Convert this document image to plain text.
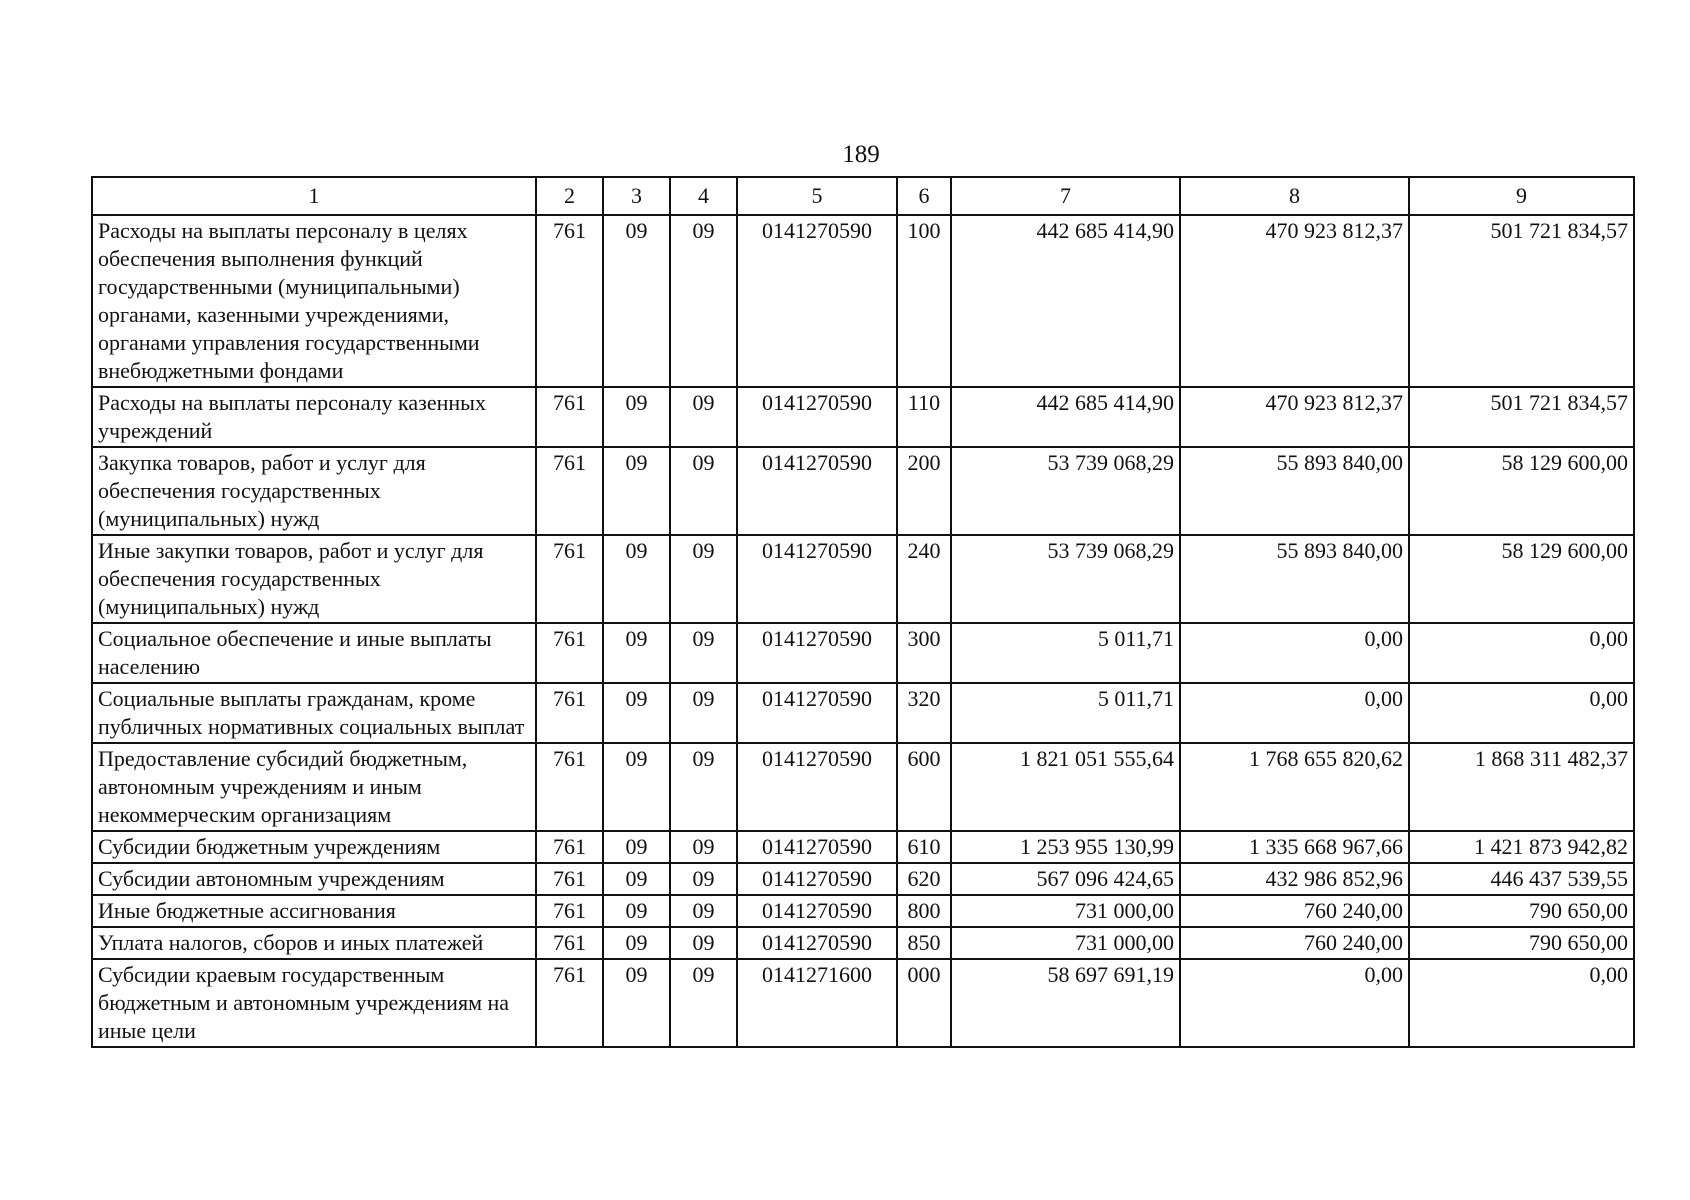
189
1	2	3	4	5	6	7	8	9
Расходы на выплаты персоналу в целях обеспечения выполнения функций государственными (муниципальными) органами, казенными учреждениями, органами управления государственными внебюджетными фондами	761	09	09	0141270590	100	442 685 414,90	470 923 812,37	501 721 834,57
Расходы на выплаты персоналу казенных учреждений	761	09	09	0141270590	110	442 685 414,90	470 923 812,37	501 721 834,57
Закупка товаров, работ и услуг для обеспечения государственных (муниципальных) нужд	761	09	09	0141270590	200	53 739 068,29	55 893 840,00	58 129 600,00
Иные закупки товаров, работ и услуг для обеспечения государственных (муниципальных) нужд	761	09	09	0141270590	240	53 739 068,29	55 893 840,00	58 129 600,00
Социальное обеспечение и иные выплаты населению	761	09	09	0141270590	300	5 011,71	0,00	0,00
Социальные выплаты гражданам, кроме публичных нормативных социальных выплат	761	09	09	0141270590	320	5 011,71	0,00	0,00
Предоставление субсидий бюджетным, автономным учреждениям и иным некоммерческим организациям	761	09	09	0141270590	600	1 821 051 555,64	1 768 655 820,62	1 868 311 482,37
Субсидии бюджетным учреждениям	761	09	09	0141270590	610	1 253 955 130,99	1 335 668 967,66	1 421 873 942,82
Субсидии автономным учреждениям	761	09	09	0141270590	620	567 096 424,65	432 986 852,96	446 437 539,55
Иные бюджетные ассигнования	761	09	09	0141270590	800	731 000,00	760 240,00	790 650,00
Уплата налогов, сборов и иных платежей	761	09	09	0141270590	850	731 000,00	760 240,00	790 650,00
Субсидии краевым государственным бюджетным и автономным учреждениям на иные цели	761	09	09	0141271600	000	58 697 691,19	0,00	0,00
